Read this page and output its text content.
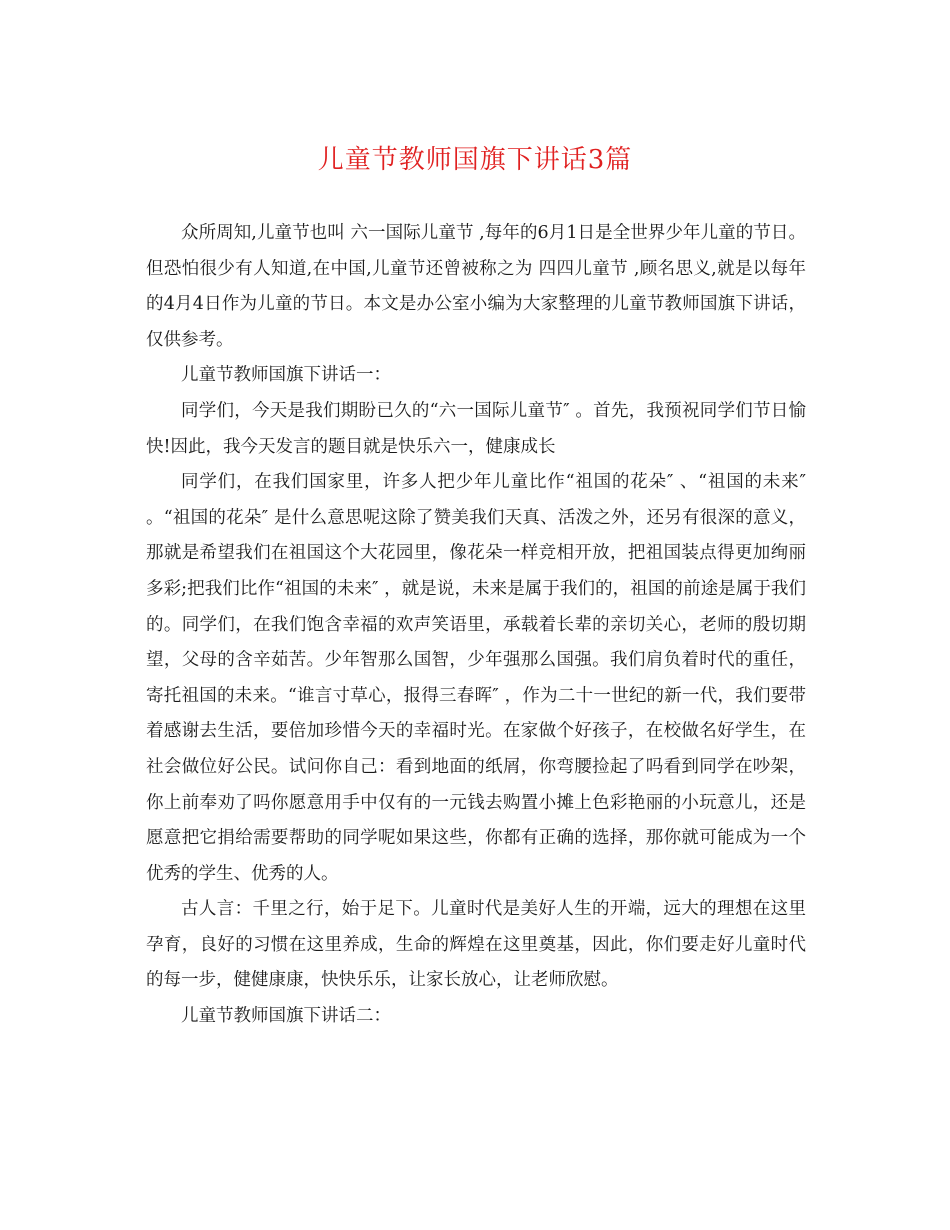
儿童节教师国旗下讲话3篇

众所周知,儿童节也叫 六一国际儿童节 ,每年的6月1日是全世界少年儿童的节日。但恐怕很少有人知道,在中国,儿童节还曾被称之为 四四儿童节 ,顾名思义,就是以每年的4月4日作为儿童的节日。本文是办公室小编为大家整理的儿童节教师国旗下讲话，仅供参考。

儿童节教师国旗下讲话一：

同学们，今天是我们期盼已久的“六一国际儿童节″ 。首先，我预祝同学们节日愉快!因此，我今天发言的题目就是快乐六一，健康成长

同学们，在我们国家里，许多人把少年儿童比作“祖国的花朵″ 、“祖国的未来″ 。“祖国的花朵″ 是什么意思呢这除了赞美我们天真、活泼之外，还另有很深的意义，那就是希望我们在祖国这个大花园里，像花朵一样竞相开放，把祖国装点得更加绚丽多彩;把我们比作“祖国的未来″ ，就是说，未来是属于我们的，祖国的前途是属于我们的。同学们，在我们饱含幸福的欢声笑语里，承载着长辈的亲切关心，老师的殷切期望，父母的含辛茹苦。少年智那么国智，少年强那么国强。我们肩负着时代的重任，寄托祖国的未来。“谁言寸草心，报得三春晖″ ，作为二十一世纪的新一代，我们要带着感谢去生活，要倍加珍惜今天的幸福时光。在家做个好孩子，在校做名好学生，在社会做位好公民。试问你自己：看到地面的纸屑，你弯腰捡起了吗看到同学在吵架，你上前奉劝了吗你愿意用手中仅有的一元钱去购置小摊上色彩艳丽的小玩意儿，还是愿意把它捐给需要帮助的同学呢如果这些，你都有正确的选择，那你就可能成为一个优秀的学生、优秀的人。

古人言：千里之行，始于足下。儿童时代是美好人生的开端，远大的理想在这里孕育，良好的习惯在这里养成，生命的辉煌在这里奠基，因此，你们要走好儿童时代的每一步，健健康康，快快乐乐，让家长放心，让老师欣慰。

儿童节教师国旗下讲话二：
